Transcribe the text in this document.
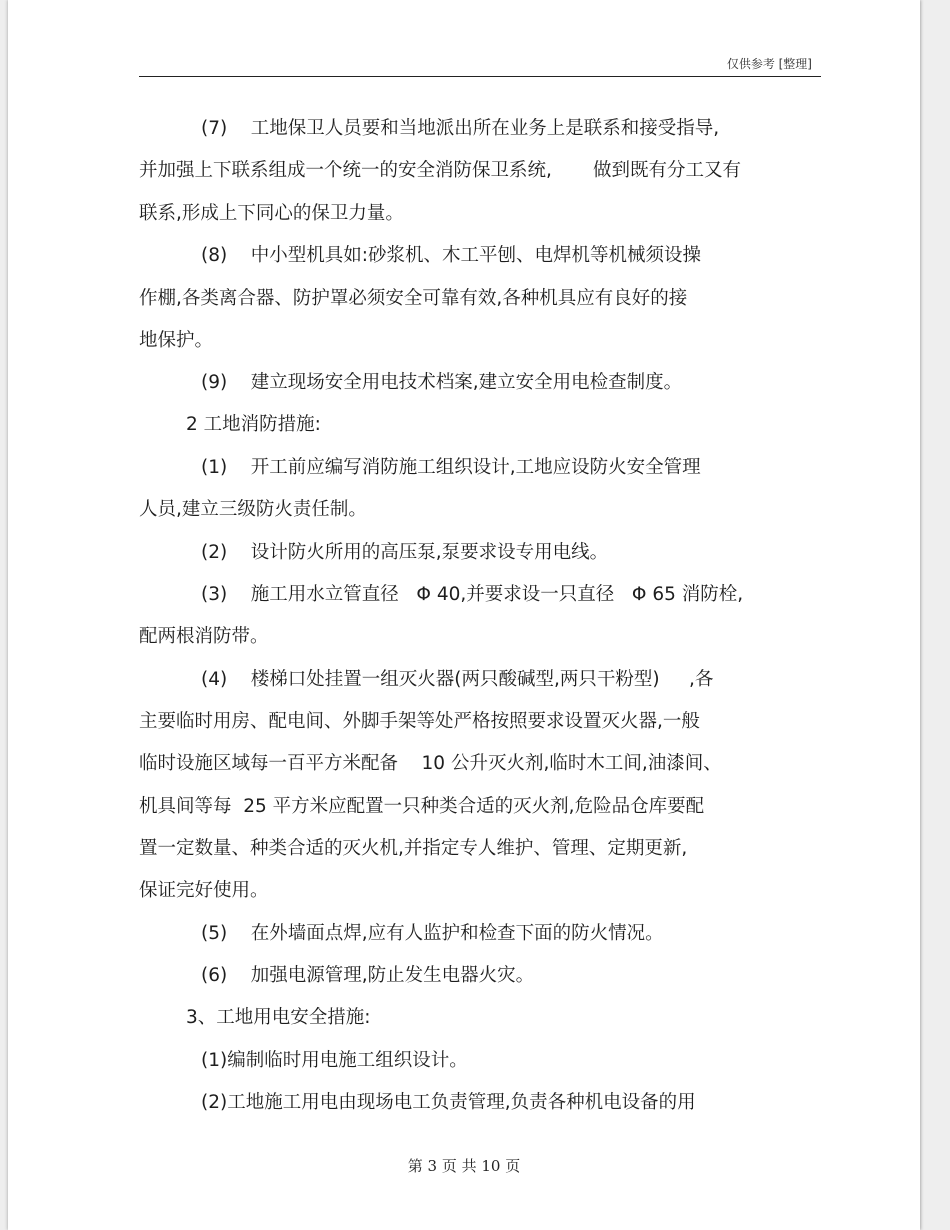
仅供参考 [整理]
(7)    工地保卫人员要和当地派出所在业务上是联系和接受指导,
并加强上下联系组成一个统一的安全消防保卫系统,       做到既有分工又有
联系,形成上下同心的保卫力量。
(8)    中小型机具如:砂浆机、木工平刨、电焊机等机械须设操
作棚,各类离合器、防护罩必须安全可靠有效,各种机具应有良好的接
地保护。
(9)    建立现场安全用电技术档案,建立安全用电检查制度。
2 工地消防措施:
(1)    开工前应编写消防施工组织设计,工地应设防火安全管理
人员,建立三级防火责任制。
(2)    设计防火所用的高压泵,泵要求设专用电线。
(3)    施工用水立管直径   Φ 40,并要求设一只直径   Φ 65 消防栓,
配两根消防带。
(4)    楼梯口处挂置一组灭火器(两只酸碱型,两只干粉型)     ,各
主要临时用房、配电间、外脚手架等处严格按照要求设置灭火器,一般
临时设施区域每一百平方米配备    10 公升灭火剂,临时木工间,油漆间、
机具间等每  25 平方米应配置一只种类合适的灭火剂,危险品仓库要配
置一定数量、种类合适的灭火机,并指定专人维护、管理、定期更新,
保证完好使用。
(5)    在外墙面点焊,应有人监护和检查下面的防火情况。
(6)    加强电源管理,防止发生电器火灾。
3、工地用电安全措施:
(1)编制临时用电施工组织设计。
(2)工地施工用电由现场电工负责管理,负责各种机电设备的用
第 3 页 共 10 页
